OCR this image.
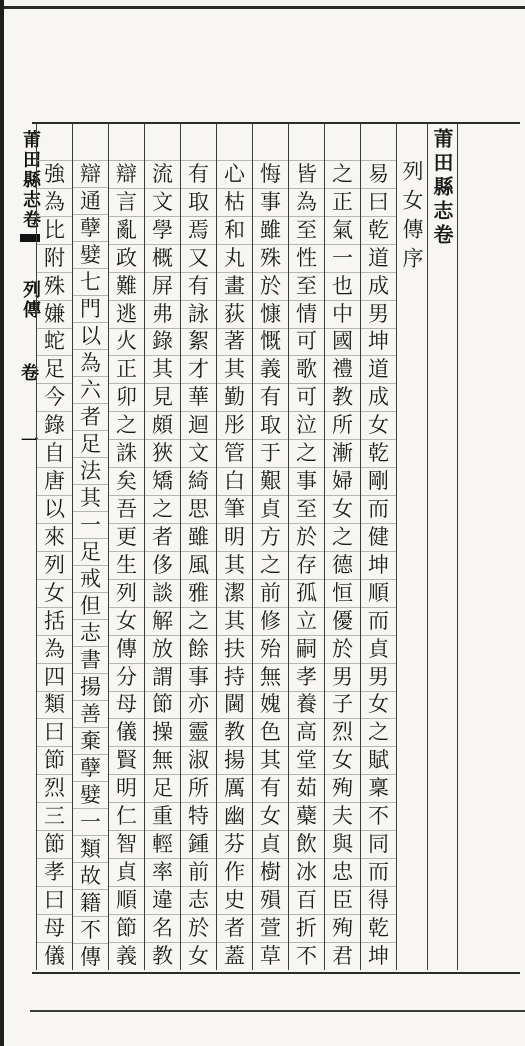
莆田縣志卷
列傳
卷
一
莆田縣志卷
列女傳序
易
曰
乾
道
成
男
坤
道
成
女
乾
剛
而
健
坤
順
而
貞
男
女
之
賦
稟
不
同
而
得
乾
坤
之
正
氣
一
也
中
國
禮
教
所
漸
婦
女
之
德
恒
優
於
男
子
烈
女
殉
夫
與
忠
臣
殉
君
皆
為
至
性
至
情
可
歌
可
泣
之
事
至
於
存
孤
立
嗣
孝
養
高
堂
茹
蘗
飲
冰
百
折
不
悔
事
雖
殊
於
慷
慨
義
有
取
于
艱
貞
方
之
前
修
殆
無
媿
色
其
有
女
貞
樹
殞
萱
草
心
枯
和
丸
畫
荻
著
其
勤
彤
管
白
筆
明
其
潔
其
扶
持
閫
教
揚
厲
幽
芬
作
史
者
蓋
有
取
焉
又
有
詠
絮
才
華
迴
文
綺
思
雖
風
雅
之
餘
事
亦
靈
淑
所
特
鍾
前
志
於
女
流
文
學
概
屏
弗
錄
其
見
頗
狹
矯
之
者
侈
談
解
放
謂
節
操
無
足
重
輕
率
違
名
教
辯
言
亂
政
難
逃
火
正
卯
之
誅
矣
吾
更
生
列
女
傳
分
母
儀
賢
明
仁
智
貞
順
節
義
辯
通
孽
嬖
七
門
以
為
六
者
足
法
其
一
足
戒
但
志
書
揚
善
棄
孽
嬖
一
類
故
籍
不
傳
強
為
比
附
殊
嫌
蛇
足
今
錄
自
唐
以
來
列
女
括
為
四
類
曰
節
烈
三
節
孝
曰
母
儀
